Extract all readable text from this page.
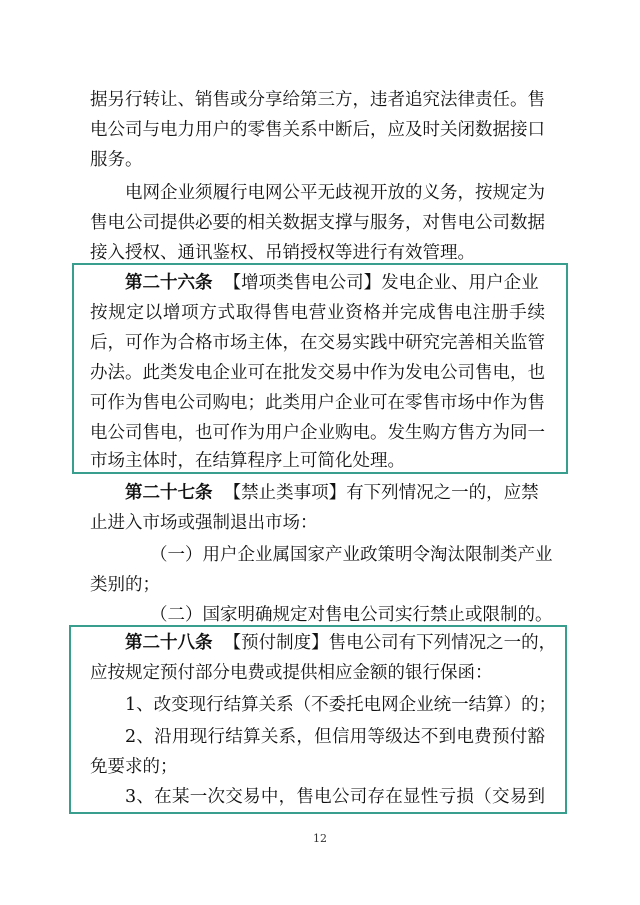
据另行转让、销售或分享给第三方，违者追究法律责任。售

电公司与电力用户的零售关系中断后，应及时关闭数据接口

服务。

电网企业须履行电网公平无歧视开放的义务，按规定为

售电公司提供必要的相关数据支撑与服务，对售电公司数据

接入授权、通讯鉴权、吊销授权等进行有效管理。

第二十六条 【增项类售电公司】发电企业、用户企业

按规定以增项方式取得售电营业资格并完成售电注册手续

后，可作为合格市场主体，在交易实践中研究完善相关监管

办法。此类发电企业可在批发交易中作为发电公司售电，也

可作为售电公司购电；此类用户企业可在零售市场中作为售

电公司售电，也可作为用户企业购电。发生购方售方为同一

市场主体时，在结算程序上可简化处理。

第二十七条 【禁止类事项】有下列情况之一的，应禁

止进入市场或强制退出市场：

（一）用户企业属国家产业政策明令淘汰限制类产业

类别的；

（二）国家明确规定对售电公司实行禁止或限制的。

第二十八条 【预付制度】售电公司有下列情况之一的，

应按规定预付部分电费或提供相应金额的银行保函：

1、改变现行结算关系（不委托电网企业统一结算）的；

2、沿用现行结算关系，但信用等级达不到电费预付豁

免要求的；

3、在某一次交易中，售电公司存在显性亏损（交易到

12
